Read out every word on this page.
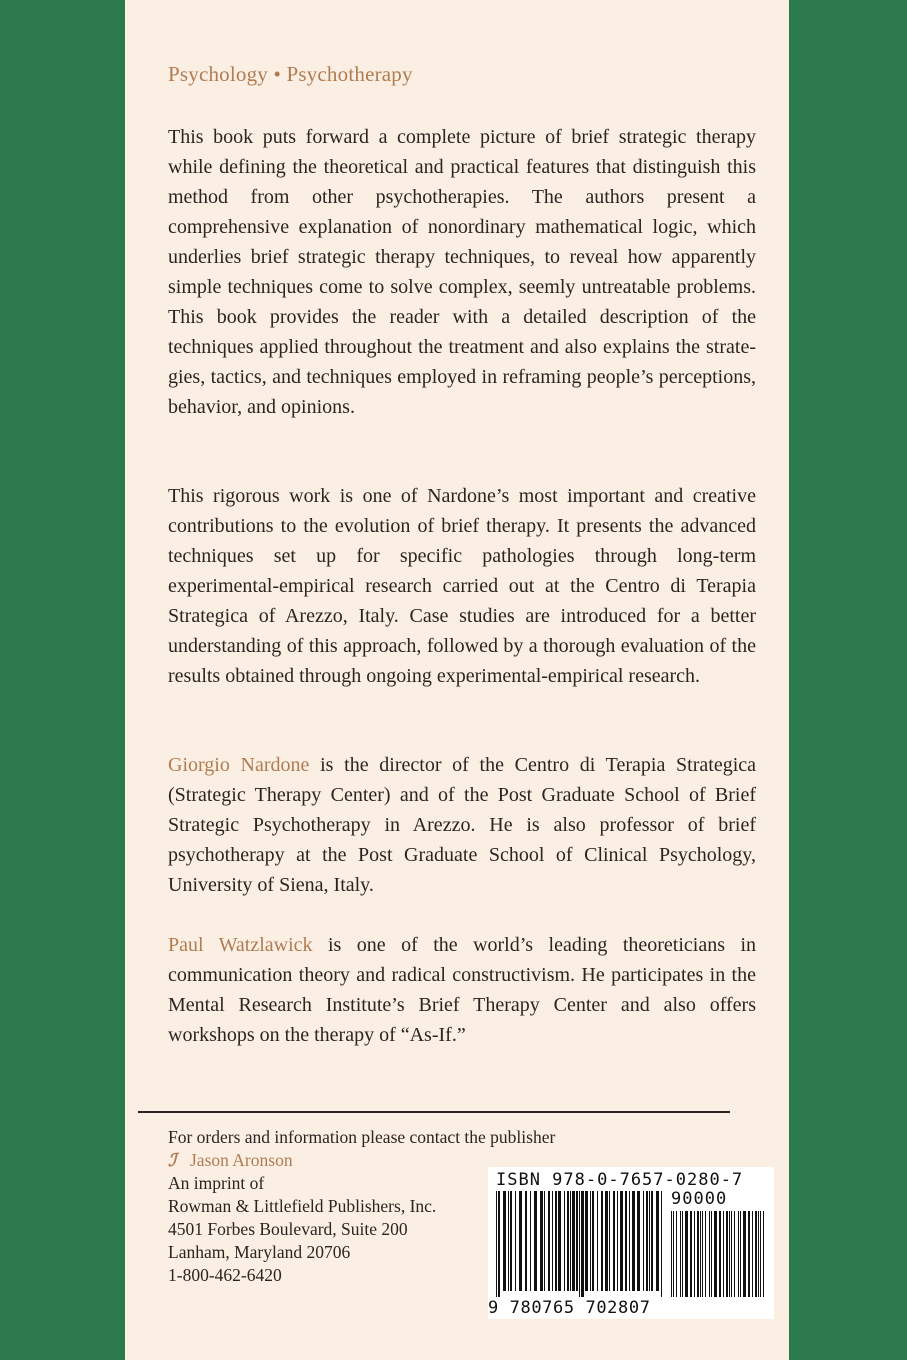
Psychology • Psychotherapy
This book puts forward a complete picture of brief strategic therapy while defining the theoretical and practical features that distinguish this method from other psychotherapies. The authors present a comprehensive explanation of nonordinary mathematical logic, which underlies brief strategic therapy techniques, to reveal how apparently simple techniques come to solve complex, seemly untreatable problems. This book provides the reader with a detailed description of the techniques applied throughout the treatment and also explains the strategies, tactics, and techniques employed in reframing people’s perceptions, behavior, and opinions.
This rigorous work is one of Nardone’s most important and creative contributions to the evolution of brief therapy. It presents the advanced techniques set up for specific pathologies through long-term experimental-empirical research carried out at the Centro di Terapia Strategica of Arezzo, Italy. Case studies are introduced for a better understanding of this approach, followed by a thorough evaluation of the results obtained through ongoing experimental-empirical research.
Giorgio Nardone is the director of the Centro di Terapia Strategica (Strategic Therapy Center) and of the Post Graduate School of Brief Strategic Psychotherapy in Arezzo. He is also professor of brief psychotherapy at the Post Graduate School of Clinical Psychology, University of Siena, Italy.
Paul Watzlawick is one of the world’s leading theoreticians in communication theory and radical constructivism. He participates in the Mental Research Institute’s Brief Therapy Center and also offers workshops on the therapy of “As-If.”
For orders and information please contact the publisher
ℐ Jason Aronson
An imprint of
Rowman & Littlefield Publishers, Inc.
4501 Forbes Boulevard, Suite 200
Lanham, Maryland 20706
1-800-462-6420
ISBN 978-0-7657-0280-7
90000
9 780765 702807
